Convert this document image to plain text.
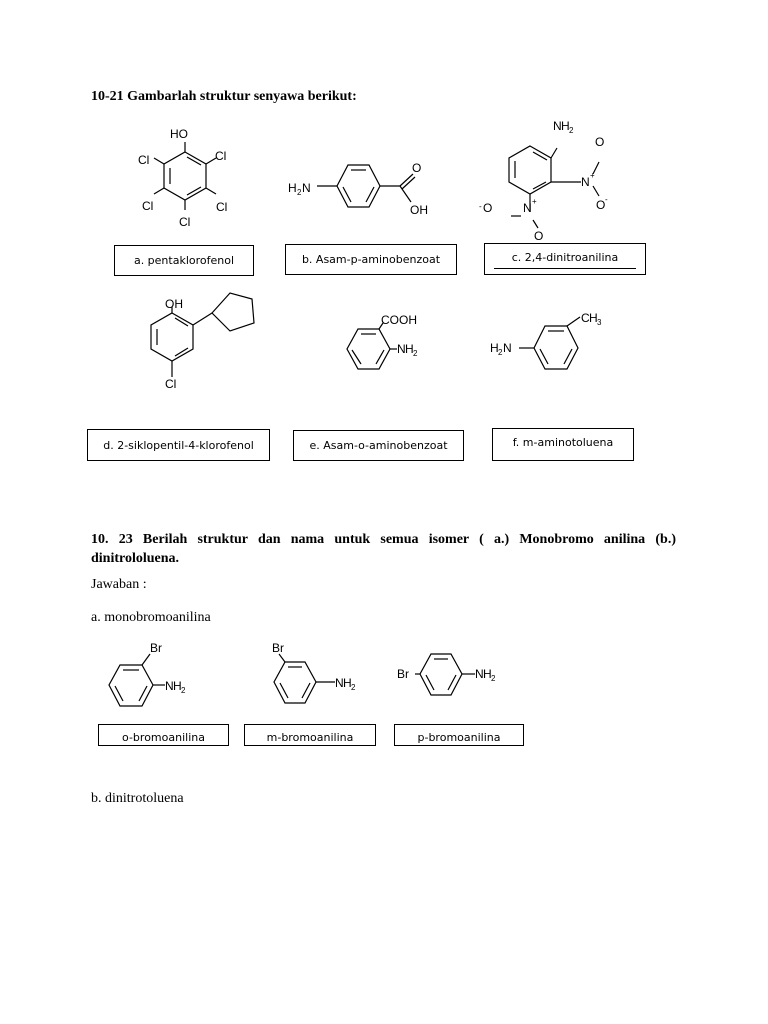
10-21 Gambarlah struktur senyawa berikut:
HO
Cl	Cl
Cl	Cl
Cl
H 2 N
O
OH
N H 2
N +
O
O -
- O	N +
O
a. pentaklorofenol	b. Asam-p-aminobenzoat	c. 2,4-dinitroanilina
OH
Cl
COOH
N H 2
C H 3
H 2 N
d. 2-siklopentil-4-klorofenol	e. Asam-o-aminobenzoat	f. m-aminotoluena
10. 23 Berilah struktur dan nama untuk semua isomer ( a.) Monobromo anilina (b.) dinitrololuena.
Jawaban :
a. monobromoanilina
Br
N H 2
Br
N H 2
Br	N H 2
o-bromoanilina	m-bromoanilina	p-bromoanilina
b. dinitrotoluena
